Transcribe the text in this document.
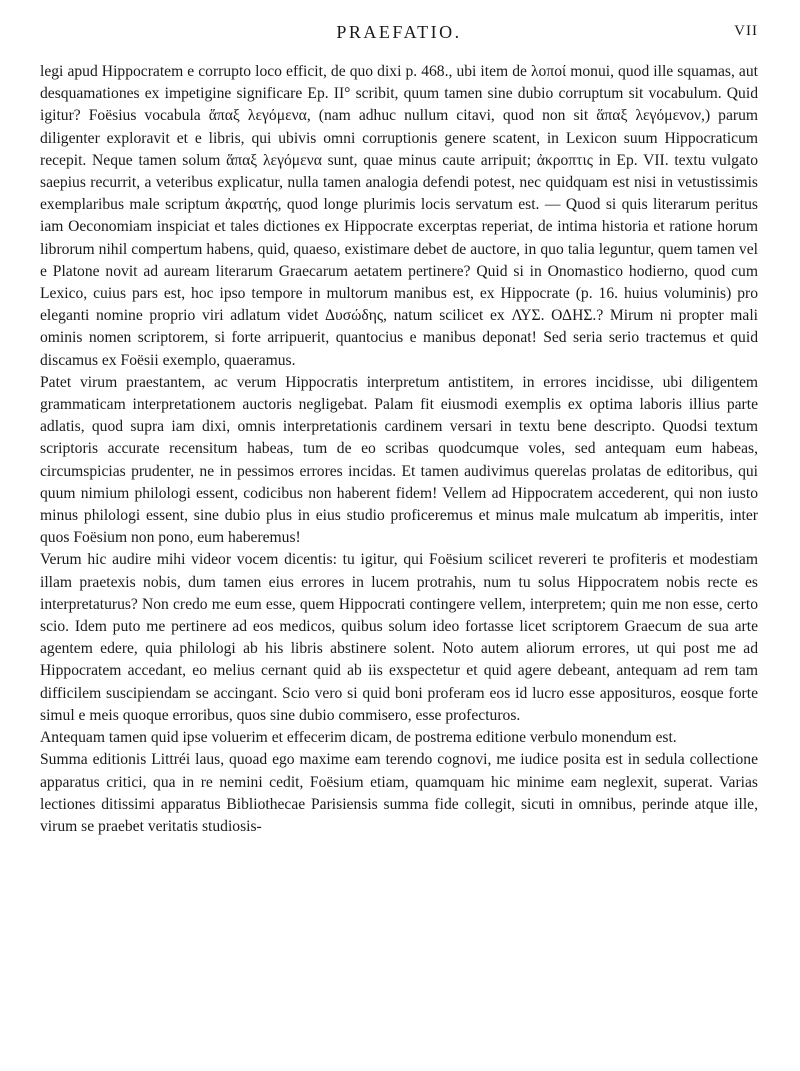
PRAEFATIO.	VII

legi apud Hippocratem e corrupto loco efficit, de quo dixi p. 468., ubi item de λοποί monui, quod ille squamas, aut desquamationes ex impetigine significare Ep. II° scribit, quum tamen sine dubio corruptum sit vocabulum. Quid igitur? Foësius vocabula ἅπαξ λεγόμενα, (nam adhuc nullum citavi, quod non sit ἅπαξ λεγόμενον,) parum diligenter exploravit et e libris, qui ubivis omni corruptionis genere scatent, in Lexicon suum Hippocraticum recepit. Neque tamen solum ἅπαξ λεγόμενα sunt, quae minus caute arripuit; ἀκροπτις in Ep. VII. textu vulgato saepius recurrit, a veteribus explicatur, nulla tamen analogia defendi potest, nec quidquam est nisi in vetustissimis exemplaribus male scriptum ἀκρατής, quod longe plurimis locis servatum est. — Quod si quis literarum peritus iam Oeconomiam inspiciat et tales dictiones ex Hippocrate excerptas reperiat, de intima historia et ratione horum librorum nihil compertum habens, quid, quaeso, existimare debet de auctore, in quo talia leguntur, quem tamen vel e Platone novit ad auream literarum Graecarum aetatem pertinere? Quid si in Onomastico hodierno, quod cum Lexico, cuius pars est, hoc ipso tempore in multorum manibus est, ex Hippocrate (p. 16. huius voluminis) pro eleganti nomine proprio viri adlatum videt Δυσώδης, natum scilicet ex ΛΥΣ. ΟΔΗΣ.? Mirum ni propter mali ominis nomen scriptorem, si forte arripuerit, quantocius e manibus deponat! Sed seria serio tractemus et quid discamus ex Foësii exemplo, quaeramus.

Patet virum praestantem, ac verum Hippocratis interpretum antistitem, in errores incidisse, ubi diligentem grammaticam interpretationem auctoris negligebat. Palam fit eiusmodi exemplis ex optima laboris illius parte adlatis, quod supra iam dixi, omnis interpretationis cardinem versari in textu bene descripto. Quodsi textum scriptoris accurate recensitum habeas, tum de eo scribas quodcumque voles, sed antequam eum habeas, circumspicias prudenter, ne in pessimos errores incidas. Et tamen audivimus querelas prolatas de editoribus, qui quum nimium philologi essent, codicibus non haberent fidem! Vellem ad Hippocratem accederent, qui non iusto minus philologi essent, sine dubio plus in eius studio proficeremus et minus male mulcatum ab imperitis, inter quos Foësium non pono, eum haberemus!

Verum hic audire mihi videor vocem dicentis: tu igitur, qui Foësium scilicet revereri te profiteris et modestiam illam praetexis nobis, dum tamen eius errores in lucem protrahis, num tu solus Hippocratem nobis recte es interpretaturus? Non credo me eum esse, quem Hippocrati contingere vellem, interpretem; quin me non esse, certo scio. Idem puto me pertinere ad eos medicos, quibus solum ideo fortasse licet scriptorem Graecum de sua arte agentem edere, quia philologi ab his libris abstinere solent. Noto autem aliorum errores, ut qui post me ad Hippocratem accedant, eo melius cernant quid ab iis exspectetur et quid agere debeant, antequam ad rem tam difficilem suscipiendam se accingant. Scio vero si quid boni proferam eos id lucro esse apposituros, eosque forte simul e meis quoque erroribus, quos sine dubio commisero, esse profecturos.

Antequam tamen quid ipse voluerim et effecerim dicam, de postrema editione verbulo monendum est.

Summa editionis Littréi laus, quoad ego maxime eam terendo cognovi, me iudice posita est in sedula collectione apparatus critici, qua in re nemini cedit, Foësium etiam, quamquam hic minime eam neglexit, superat. Varias lectiones ditissimi apparatus Bibliothecae Parisiensis summa fide collegit, sicuti in omnibus, perinde atque ille, virum se praebet veritatis studiosis-
